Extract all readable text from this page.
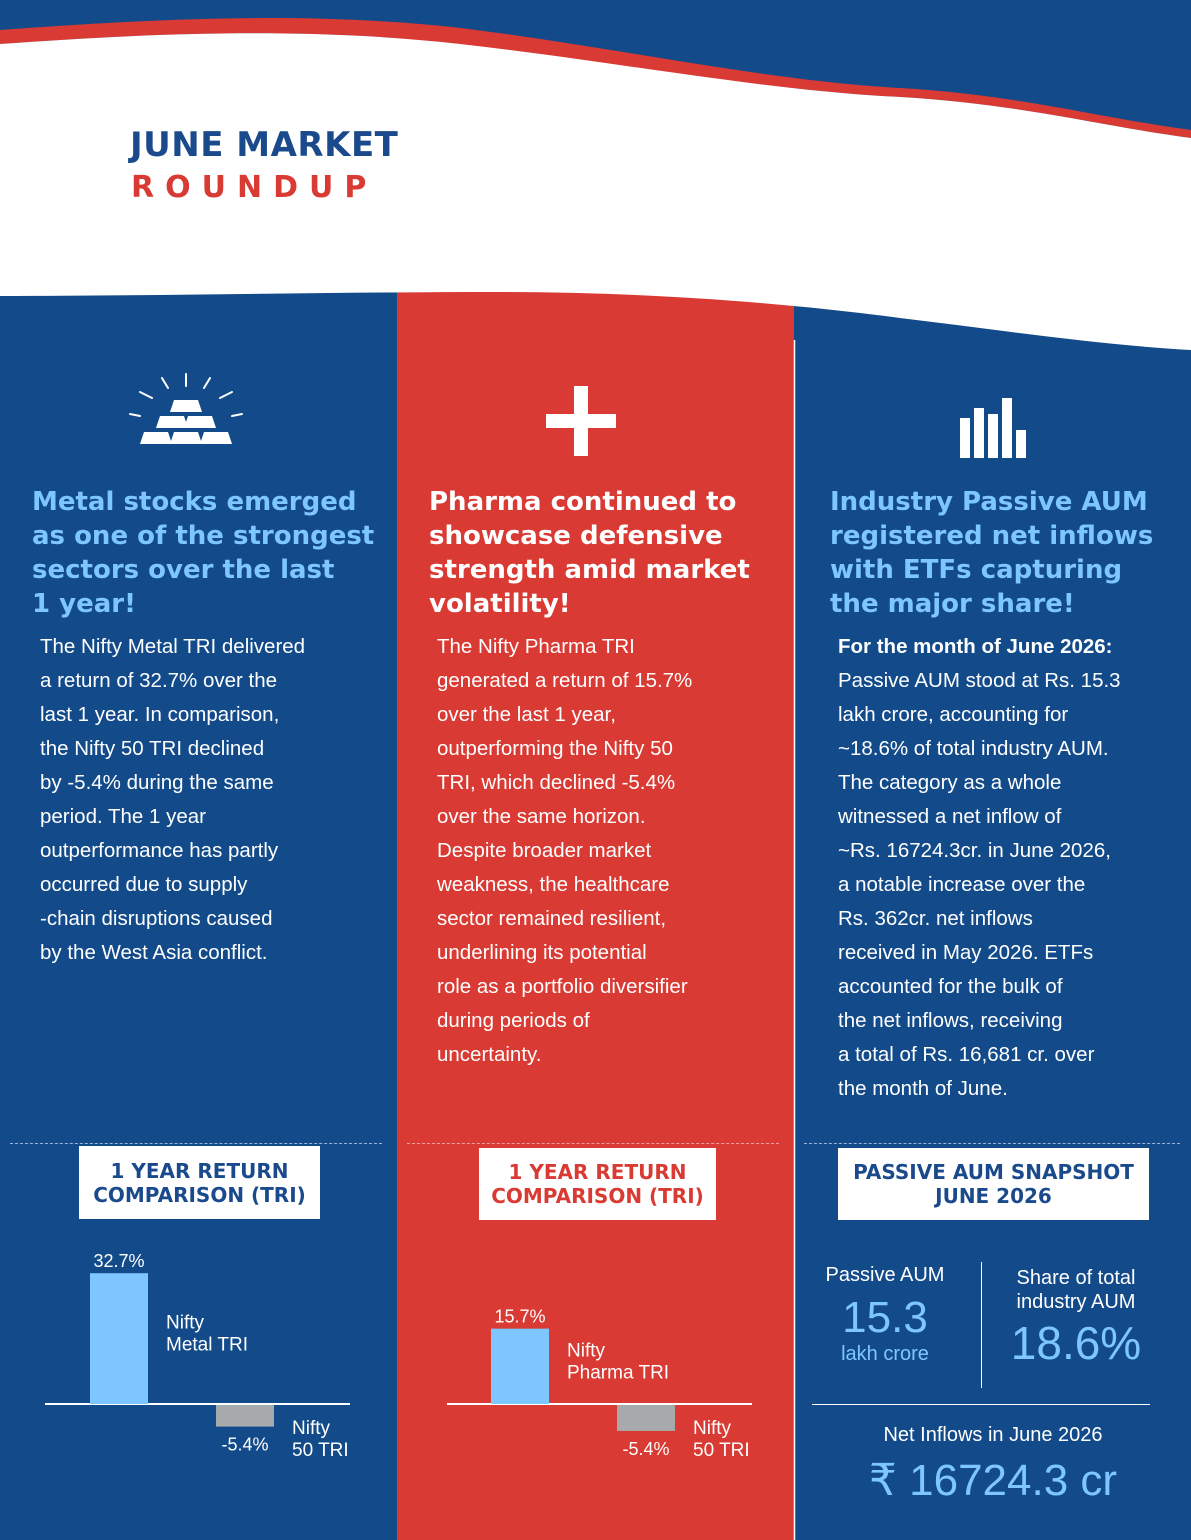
JUNE MARKET
ROUNDUP
Metal stocks emerged
as one of the strongest
sectors over the last
1 year!

The Nifty Metal TRI delivered

a return of 32.7% over the

last 1 year. In comparison,

the Nifty 50 TRI declined

by -5.4% during the same

period. The 1 year

outperformance has partly

occurred due to supply

-chain disruptions caused

by the West Asia conflict.

1 YEAR RETURN
COMPARISON (TRI)
32.7%
Nifty
Metal TRI
-5.4%
Nifty
50 TRI
Pharma continued to
showcase defensive
strength amid market
volatility!

The Nifty Pharma TRI

generated a return of 15.7%

over the last 1 year,

outperforming the Nifty 50

TRI, which declined -5.4%

over the same horizon.

Despite broader market

weakness, the healthcare

sector remained resilient,

underlining its potential

role as a portfolio diversifier

during periods of

uncertainty.

1 YEAR RETURN
COMPARISON (TRI)
15.7%
Nifty
Pharma TRI
-5.4%
Nifty
50 TRI
Industry Passive AUM
registered net inflows
with ETFs capturing
the major share!
For the month of June 2026:

Passive AUM stood at Rs. 15.3

lakh crore, accounting for

~18.6% of total industry AUM.

The category as a whole

witnessed a net inflow of

~Rs. 16724.3cr. in June 2026,

a notable increase over the

Rs. 362cr. net inflows

received in May 2026. ETFs

accounted for the bulk of

the net inflows, receiving

a total of Rs. 16,681 cr. over

the month of June.

PASSIVE AUM SNAPSHOT
JUNE 2026
Passive AUM
15.3
lakh crore
Share of total
industry AUM
18.6%
Net Inflows in June 2026
₹ 16724.3 cr
